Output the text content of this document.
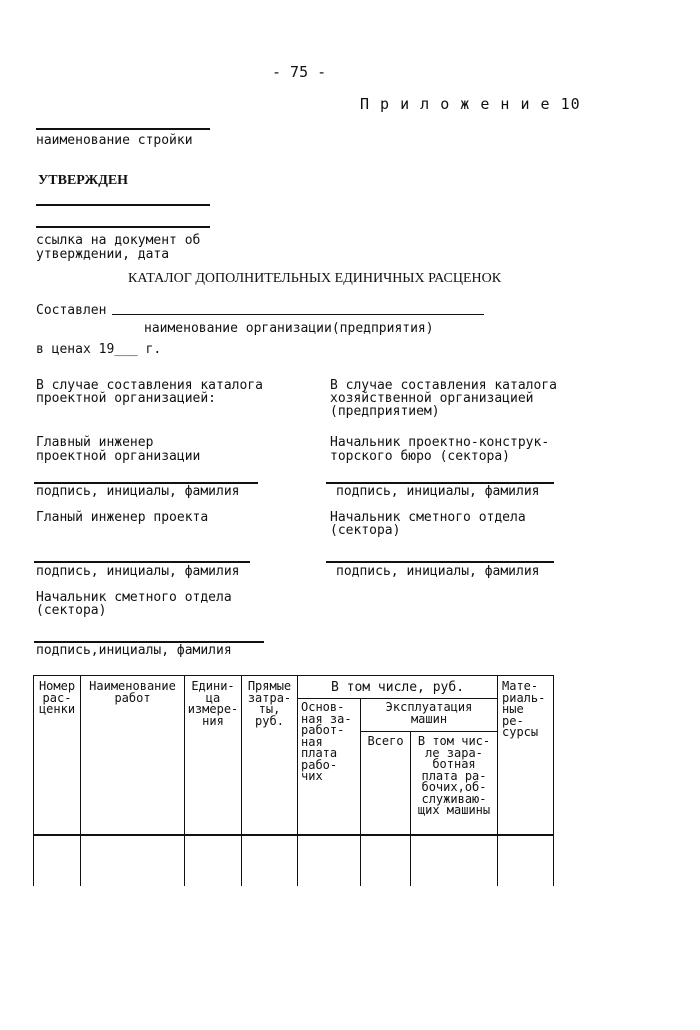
- 75 -
П р и л о ж е н и е 10
наименование стройки
УТВЕРЖДЕН
ссылка на документ об
утверждении, дата
КАТАЛОГ ДОПОЛНИТЕЛЬНЫХ ЕДИНИЧНЫХ РАСЦЕНОК
Составлен
наименование организации(предприятия)
в ценах 19___ г.
В случае составления каталога
проектной организацией:
Главный инженер
проектной организации
подпись, инициалы, фамилия
Гланый инженер проекта
подпись, инициалы, фамилия
Начальник сметного отдела
(сектора)
подпись,инициалы, фамилия
В случае составления каталога
хозяйственной организацией
(предприятием)
Начальник проектно-конструк-
торского бюро (сектора)
подпись, инициалы, фамилия
Начальник сметного отдела
(сектора)
подпись, инициалы, фамилия
Номер
рас-
ценки
Наименование
работ
Едини-
ца
измере-
ния
Прямые
затра-
ты,
руб.
В том числе, руб.
Основ-
ная за-
работ-
ная
плата
рабо-
чих
Эксплуатация
машин
Всего	В том чис-
ле зара-
ботная
плата ра-
бочих,об-
служиваю-
щих машины
Мате-
риаль-
ные ре-
сурсы
